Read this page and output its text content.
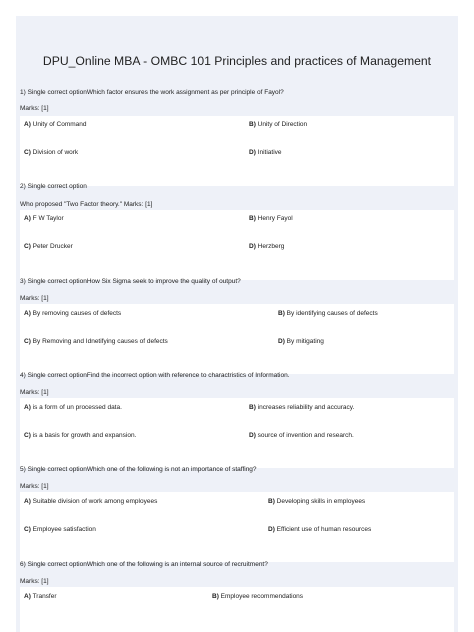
DPU_Online MBA - OMBC 101 Principles and practices of Management
1) Single correct optionWhich factor ensures the work assignment as per principle of Fayol?
Marks: [1]
A) Unity of Command	B) Unity of Direction
C) Division of work	D) Initiative
2) Single correct option
Who proposed "Two Factor theory." Marks: [1]
A) F W Taylor	B) Henry Fayol
C) Peter Drucker	D) Herzberg
3) Single correct optionHow Six Sigma seek to improve the quality of output?
Marks: [1]
A) By removing causes of defects	B) By identifying causes of defects
C) By Removing and Idnetifying causes of defects	D) By mitigating
4) Single correct optionFind the incorrect option with reference to charactristics of Information.
Marks: [1]
A) is a form of un processed data.	B) increases reliability and accuracy.
C) is a basis for growth and expansion.	D) source of invention and research.
5) Single correct optionWhich one of the following is not an importance of staffing?
Marks: [1]
A) Suitable division of work among employees	B) Developing skills in employees
C) Employee satisfaction	D) Efficient use of human resources
6) Single correct optionWhich one of the following is an internal source of recruitment?
Marks: [1]
A) Transfer	B) Employee recommendations
